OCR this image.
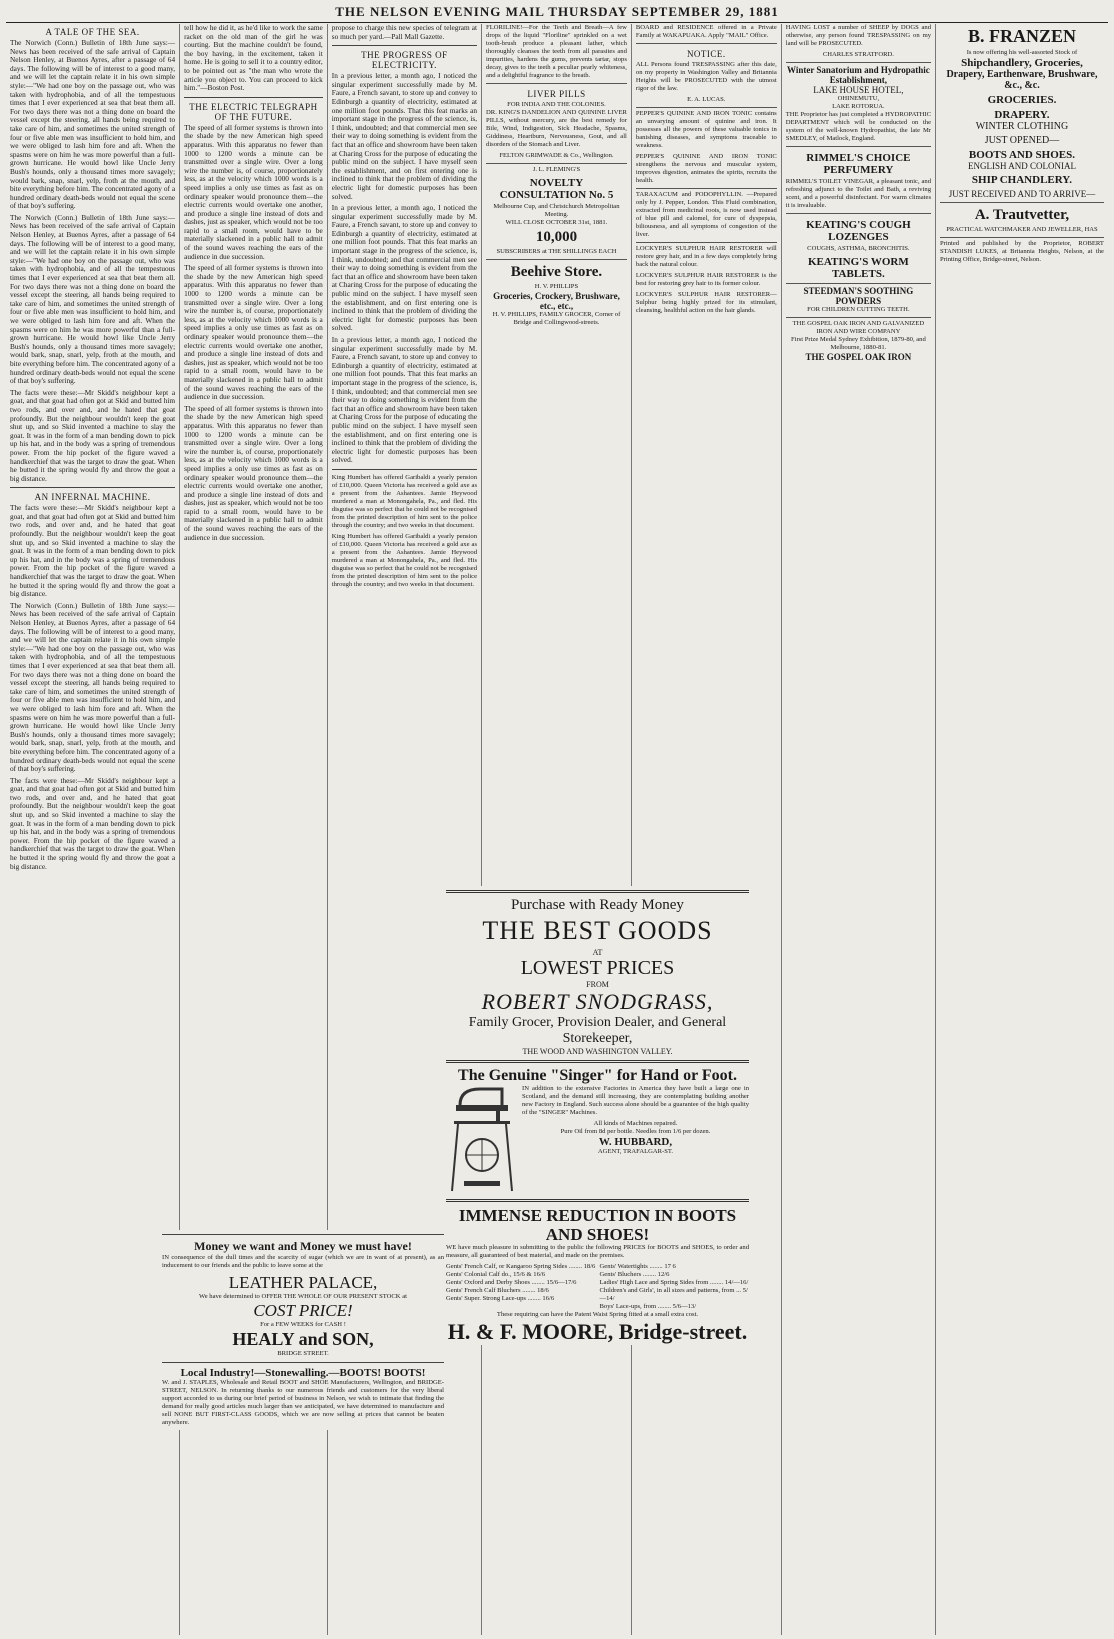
THE NELSON EVENING MAIL THURSDAY SEPTEMBER 29, 1881
A TALE OF THE SEA.

The Norwich (Conn.) Bulletin of 18th June says:—News has been received of the safe arrival of Captain Nelson Henley, at Buenos Ayres, after a passage of 64 days. The following will be of interest to a good many, and we will let the captain relate it in his own simple style:—"We had one boy on the passage out, who was taken with hydrophobia, and of all the tempestuous times that I ever experienced at sea that beat them all. For two days there was not a thing done on board the vessel except the steering, all hands being required to take care of him, and sometimes the united strength of four or five able men was insufficient to hold him, and we were obliged to lash him fore and aft. When the spasms were on him he was more powerful than a full-grown hurricane. He would howl like Uncle Jerry Bush's hounds, only a thousand times more savagely; would bark, snap, snarl, yelp, froth at the mouth, and bite everything before him. The concentrated agony of a hundred ordinary death-beds would not equal the scene of that boy's suffering.

The Norwich (Conn.) Bulletin of 18th June says:—News has been received of the safe arrival of Captain Nelson Henley, at Buenos Ayres, after a passage of 64 days. The following will be of interest to a good many, and we will let the captain relate it in his own simple style:—"We had one boy on the passage out, who was taken with hydrophobia, and of all the tempestuous times that I ever experienced at sea that beat them all. For two days there was not a thing done on board the vessel except the steering, all hands being required to take care of him, and sometimes the united strength of four or five able men was insufficient to hold him, and we were obliged to lash him fore and aft. When the spasms were on him he was more powerful than a full-grown hurricane. He would howl like Uncle Jerry Bush's hounds, only a thousand times more savagely; would bark, snap, snarl, yelp, froth at the mouth, and bite everything before him. The concentrated agony of a hundred ordinary death-beds would not equal the scene of that boy's suffering.

The facts were these:—Mr Skidd's neighbour kept a goat, and that goat had often got at Skid and butted him two rods, and over and, and he hated that goat profoundly. But the neighbour wouldn't keep the goat shut up, and so Skid invented a machine to slay the goat. It was in the form of a man bending down to pick up his hat, and in the body was a spring of tremendous power. From the hip pocket of the figure waved a handkerchief that was the target to draw the goat. When he butted it the spring would fly and throw the goat a big distance.

AN INFERNAL MACHINE.

The facts were these:—Mr Skidd's neighbour kept a goat, and that goat had often got at Skid and butted him two rods, and over and, and he hated that goat profoundly. But the neighbour wouldn't keep the goat shut up, and so Skid invented a machine to slay the goat. It was in the form of a man bending down to pick up his hat, and in the body was a spring of tremendous power. From the hip pocket of the figure waved a handkerchief that was the target to draw the goat. When he butted it the spring would fly and throw the goat a big distance.

The Norwich (Conn.) Bulletin of 18th June says:—News has been received of the safe arrival of Captain Nelson Henley, at Buenos Ayres, after a passage of 64 days. The following will be of interest to a good many, and we will let the captain relate it in his own simple style:—"We had one boy on the passage out, who was taken with hydrophobia, and of all the tempestuous times that I ever experienced at sea that beat them all. For two days there was not a thing done on board the vessel except the steering, all hands being required to take care of him, and sometimes the united strength of four or five able men was insufficient to hold him, and we were obliged to lash him fore and aft. When the spasms were on him he was more powerful than a full-grown hurricane. He would howl like Uncle Jerry Bush's hounds, only a thousand times more savagely; would bark, snap, snarl, yelp, froth at the mouth, and bite everything before him. The concentrated agony of a hundred ordinary death-beds would not equal the scene of that boy's suffering.

The facts were these:—Mr Skidd's neighbour kept a goat, and that goat had often got at Skid and butted him two rods, and over and, and he hated that goat profoundly. But the neighbour wouldn't keep the goat shut up, and so Skid invented a machine to slay the goat. It was in the form of a man bending down to pick up his hat, and in the body was a spring of tremendous power. From the hip pocket of the figure waved a handkerchief that was the target to draw the goat. When he butted it the spring would fly and throw the goat a big distance.

tell how he did it, as he'd like to work the same racket on the old man of the girl he was courting. But the machine couldn't be found, the boy having, in the excitement, taken it home. He is going to sell it to a country editor, to be pointed out as "the man who wrote the article you object to. You can proceed to kick him."—Boston Post.

THE ELECTRIC TELEGRAPH OF THE FUTURE.

The speed of all former systems is thrown into the shade by the new American high speed apparatus. With this apparatus no fewer than 1000 to 1200 words a minute can be transmitted over a single wire. Over a long wire the number is, of course, proportionately less, as at the velocity which 1000 words is a speed implies a only use times as fast as on ordinary speaker would pronounce them—the electric currents would overtake one another, and produce a single line instead of dots and dashes, just as speaker, which would not be too rapid to a small room, would have to be materially slackened in a public hall to admit of the sound waves reaching the ears of the audience in due succession.

The speed of all former systems is thrown into the shade by the new American high speed apparatus. With this apparatus no fewer than 1000 to 1200 words a minute can be transmitted over a single wire. Over a long wire the number is, of course, proportionately less, as at the velocity which 1000 words is a speed implies a only use times as fast as on ordinary speaker would pronounce them—the electric currents would overtake one another, and produce a single line instead of dots and dashes, just as speaker, which would not be too rapid to a small room, would have to be materially slackened in a public hall to admit of the sound waves reaching the ears of the audience in due succession.

The speed of all former systems is thrown into the shade by the new American high speed apparatus. With this apparatus no fewer than 1000 to 1200 words a minute can be transmitted over a single wire. Over a long wire the number is, of course, proportionately less, as at the velocity which 1000 words is a speed implies a only use times as fast as on ordinary speaker would pronounce them—the electric currents would overtake one another, and produce a single line instead of dots and dashes, just as speaker, which would not be too rapid to a small room, would have to be materially slackened in a public hall to admit of the sound waves reaching the ears of the audience in due succession.

propose to charge this new species of telegram at so much per yard.—Pall Mall Gazette.

THE PROGRESS OF ELECTRICITY.

In a previous letter, a month ago, I noticed the singular experiment successfully made by M. Faure, a French savant, to store up and convey to Edinburgh a quantity of electricity, estimated at one million foot pounds. That this feat marks an important stage in the progress of the science, is, I think, undoubted; and that commercial men see their way to doing something is evident from the fact that an office and showroom have been taken at Charing Cross for the purpose of educating the public mind on the subject. I have myself seen the establishment, and on first entering one is inclined to think that the problem of dividing the electric light for domestic purposes has been solved.

In a previous letter, a month ago, I noticed the singular experiment successfully made by M. Faure, a French savant, to store up and convey to Edinburgh a quantity of electricity, estimated at one million foot pounds. That this feat marks an important stage in the progress of the science, is, I think, undoubted; and that commercial men see their way to doing something is evident from the fact that an office and showroom have been taken at Charing Cross for the purpose of educating the public mind on the subject. I have myself seen the establishment, and on first entering one is inclined to think that the problem of dividing the electric light for domestic purposes has been solved.

In a previous letter, a month ago, I noticed the singular experiment successfully made by M. Faure, a French savant, to store up and convey to Edinburgh a quantity of electricity, estimated at one million foot pounds. That this feat marks an important stage in the progress of the science, is, I think, undoubted; and that commercial men see their way to doing something is evident from the fact that an office and showroom have been taken at Charing Cross for the purpose of educating the public mind on the subject. I have myself seen the establishment, and on first entering one is inclined to think that the problem of dividing the electric light for domestic purposes has been solved.

King Humbert has offered Garibaldi a yearly pension of £10,000. Queen Victoria has received a gold axe as a present from the Ashantees. Jamie Heywood murdered a man at Monongahela, Pa., and fled. His disguise was so perfect that he could not be recognised from the printed description of him sent to the police through the country; and two weeks in that document.

King Humbert has offered Garibaldi a yearly pension of £10,000. Queen Victoria has received a gold axe as a present from the Ashantees. Jamie Heywood murdered a man at Monongahela, Pa., and fled. His disguise was so perfect that he could not be recognised from the printed description of him sent to the police through the country; and two weeks in that document.

FLORILINE!—For the Teeth and Breath—A few drops of the liquid "Floriline" sprinkled on a wet tooth-brush produce a pleasant lather, which thoroughly cleanses the teeth from all parasites and impurities, hardens the gums, prevents tartar, stops decay, gives to the teeth a peculiar pearly whiteness, and a delightful fragrance to the breath.

LIVER PILLS
FOR INDIA AND THE COLONIES.

DR. KING'S DANDELION AND QUININE LIVER PILLS, without mercury, are the best remedy for Bile, Wind, Indigestion, Sick Headache, Spasms, Giddiness, Heartburn, Nervousness, Gout, and all disorders of the Stomach and Liver.

FELTON GRIMWADE & Co., Wellington.
J. L. FLEMING'S
NOVELTY CONSULTATION No. 5
Melbourne Cup, and Christchurch Metropolitan Meeting.
WILL CLOSE OCTOBER 31st, 1881.
10,000
SUBSCRIBERS at THE SHILLINGS EACH
Beehive Store.
H. V. PHILLIPS
Groceries, Crockery, Brushware, etc., etc.,
H. V. PHILLIPS, FAMILY GROCER, Corner of Bridge and Collingwood-streets.

BOARD and RESIDENCE offered in a Private Family at WAKAPUAKA. Apply "MAIL" Office.

NOTICE.

ALL Persons found TRESPASSING after this date, on my property in Washington Valley and Britannia Heights will be PROSECUTED with the utmost rigor of the law.

E. A. LUCAS.

PEPPER'S QUININE AND IRON TONIC contains an unvarying amount of quinine and iron. It possesses all the powers of these valuable tonics in banishing diseases, and symptoms traceable to weakness.

PEPPER'S QUININE AND IRON TONIC strengthens the nervous and muscular system, improves digestion, animates the spirits, recruits the health.

TARAXACUM and PODOPHYLLIN. —Prepared only by J. Pepper, London. This Fluid combination, extracted from medicinal roots, is now used instead of blue pill and calomel, for cure of dyspepsia, biliousness, and all symptoms of congestion of the liver.

LOCKYER'S SULPHUR HAIR RESTORER will restore grey hair, and in a few days completely bring back the natural colour.

LOCKYER'S SULPHUR HAIR RESTORER is the best for restoring grey hair to its former colour.

LOCKYER'S SULPHUR HAIR RESTORER—Sulphur being highly prized for its stimulant, cleansing, healthful action on the hair glands.

HAVING LOST a number of SHEEP by DOGS and otherwise, any person found TRESPASSING on my land will be PROSECUTED.

CHARLES STRATFORD.
Winter Sanatorium and Hydropathic Establishment,
LAKE HOUSE HOTEL,
OHINEMUTU,
LAKE ROTORUA.

THE Proprietor has just completed a HYDROPATHIC DEPARTMENT which will be conducted on the system of the well-known Hydropathist, the late Mr SMEDLEY, of Matlock, England.

RIMMEL'S CHOICE PERFUMERY

RIMMEL'S TOILET VINEGAR, a pleasant tonic, and refreshing adjunct to the Toilet and Bath, a reviving scent, and a powerful disinfectant. For warm climates it is invaluable.

KEATING'S COUGH LOZENGES
COUGHS, ASTHMA, BRONCHITIS.
KEATING'S WORM TABLETS.
STEEDMAN'S SOOTHING POWDERS
FOR CHILDREN CUTTING TEETH.
THE GOSPEL OAK IRON AND GALVANIZED IRON AND WIRE COMPANY
First Prize Medal Sydney Exhibition, 1879-80, and Melbourne, 1880-81.
THE GOSPEL OAK IRON
B. FRANZEN
Is now offering his well-assorted Stock of
Shipchandlery, Groceries,
Drapery, Earthenware, Brushware, &c., &c.
GROCERIES.
DRAPERY.
WINTER CLOTHING
JUST OPENED—
BOOTS AND SHOES.
ENGLISH AND COLONIAL
SHIP CHANDLERY.
JUST RECEIVED AND TO ARRIVE—
A. Trautvetter,
PRACTICAL WATCHMAKER AND JEWELLER, HAS

Printed and published by the Proprietor, ROBERT STANDISH LUKES, at Britannia Heights, Nelson, at the Printing Office, Bridge-street, Nelson.

Purchase with Ready Money
THE BEST GOODS
AT
LOWEST PRICES
FROM
ROBERT SNODGRASS,
Family Grocer, Provision Dealer, and General Storekeeper,
THE WOOD AND WASHINGTON VALLEY.
The Genuine "Singer" for Hand or Foot.

IN addition to the extensive Factories in America they have built a large one in Scotland, and the demand still increasing, they are contemplating building another new Factory in England. Such success alone should be a guarantee of the high quality of the "SINGER" Machines.

All kinds of Machines repaired.
Pure Oil from 8d per bottle. Needles from 1/6 per dozen.
W. HUBBARD,
AGENT, TRAFALGAR-ST.
IMMENSE REDUCTION IN BOOTS AND SHOES!

WE have much pleasure in submitting to the public the following PRICES for BOOTS and SHOES, to order and measure, all guaranteed of best material, and made on the premises.

Gents' French Calf, or Kangaroo Spring Sides ........ 18/6
Gents' Colonial Calf do., 15/6 & 16/6
Gents' Oxford and Derby Shoes ........ 15/6—17/6
Gents' French Calf Bluchers ........ 18/6
Gents' Super. Strong Lace-ups ........ 16/6
Gents' Watertights ........ 17 6
Gents' Bluchers ........ 12/6
Ladies' High Lace and Spring Sides from ........ 14/—16/
Children's and Girls', in all sizes and patterns, from ... 5/—14/
Boys' Lace-ups, from ........ 5/6—13/
These requiring can have the Patent Waist Spring fitted at a small extra cost.
H. & F. MOORE, Bridge-street.
Money we want and Money we must have!

IN consequence of the dull times and the scarcity of sugar (which we are in want of at present), as an inducement to our friends and the public to leave some at the

LEATHER PALACE,
We have determined to OFFER THE WHOLE OF OUR PRESENT STOCK at
COST PRICE!
For a FEW WEEKS for CASH !
HEALY and SON,
BRIDGE STREET.
Local Industry!—Stonewalling.—BOOTS! BOOTS!

W. and J. STAPLES, Wholesale and Retail BOOT and SHOE Manufacturers, Wellington, and BRIDGE-STREET, NELSON. In returning thanks to our numerous friends and customers for the very liberal support accorded to us during our brief period of business in Nelson, we wish to intimate that finding the demand for really good articles much larger than we anticipated, we have determined to manufacture and sell NONE BUT FIRST-CLASS GOODS, which we are now selling at prices that cannot be beaten anywhere.
